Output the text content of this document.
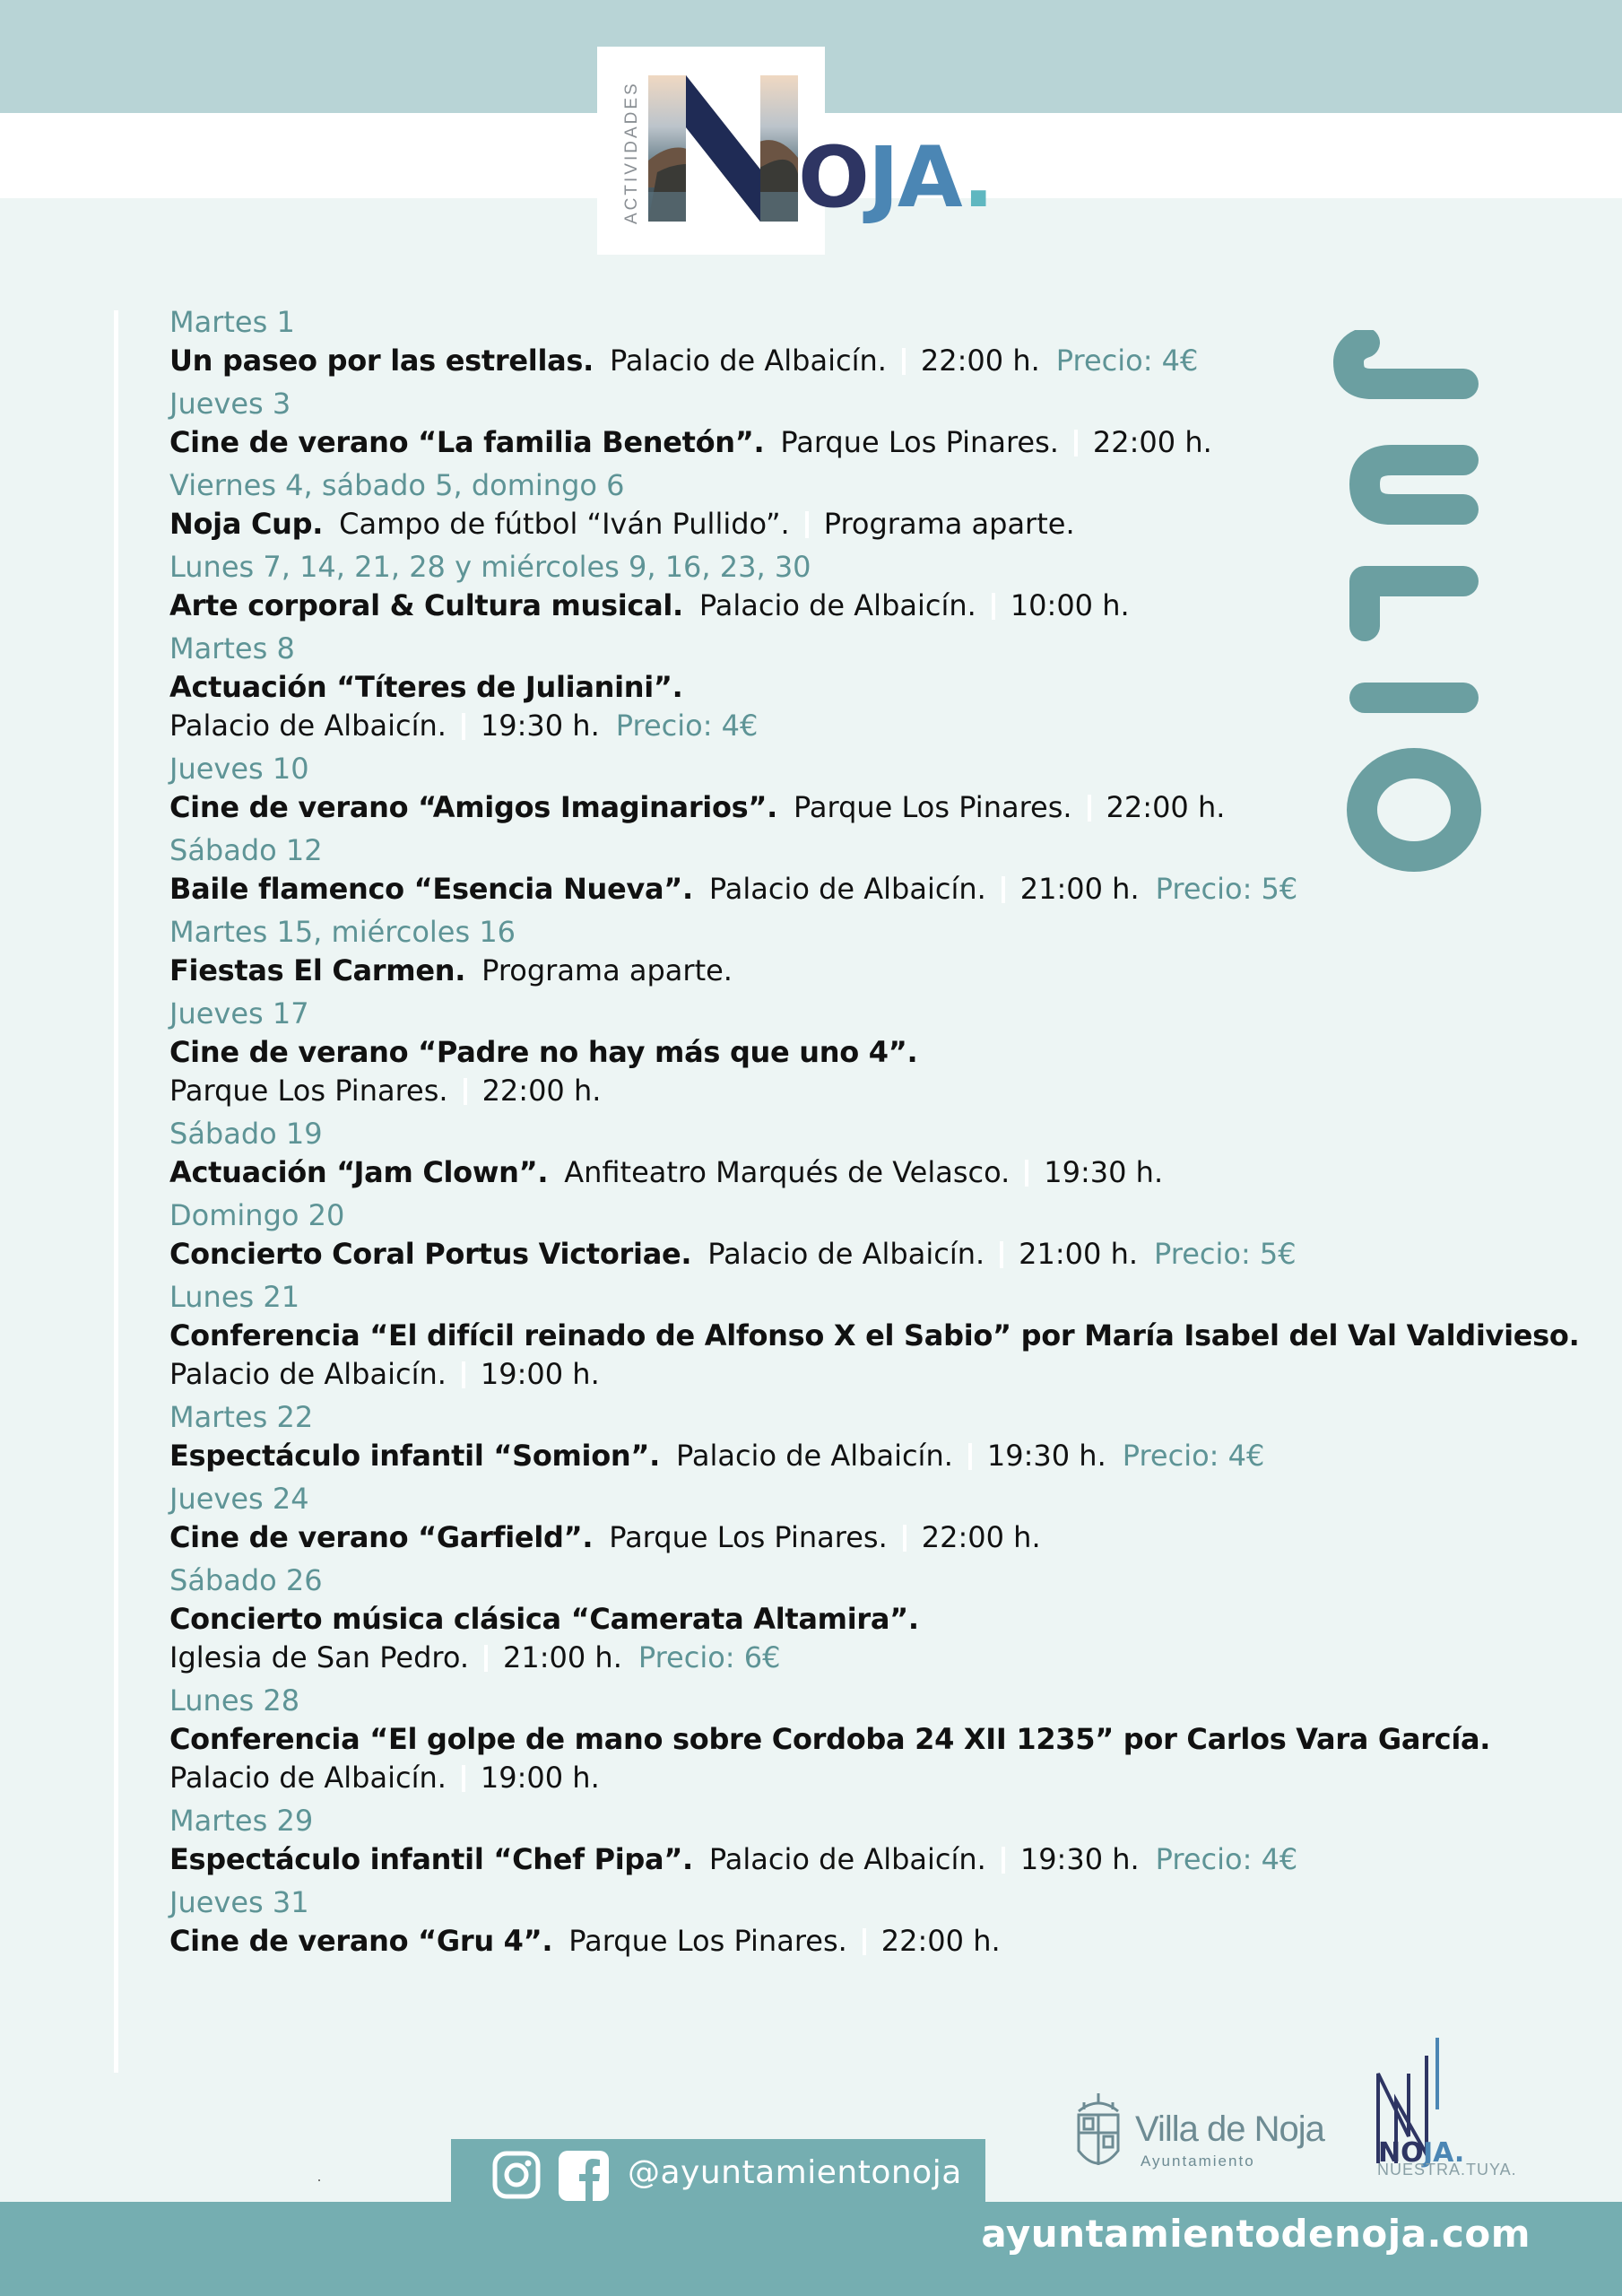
ACTIVIDADES OJA.
Martes 1
Un paseo por las estrellas. Palacio de Albaicín. 22:00 h. Precio: 4€
Jueves 3
Cine de verano “La familia Benetón”. Parque Los Pinares. 22:00 h.
Viernes 4, sábado 5, domingo 6
Noja Cup. Campo de fútbol “Iván Pullido”. Programa aparte.
Lunes 7, 14, 21, 28 y miércoles 9, 16, 23, 30
Arte corporal & Cultura musical. Palacio de Albaicín. 10:00 h.
Martes 8
Actuación “Títeres de Julianini”.
Palacio de Albaicín. 19:30 h. Precio: 4€
Jueves 10
Cine de verano “Amigos Imaginarios”. Parque Los Pinares. 22:00 h.
Sábado 12
Baile flamenco “Esencia Nueva”. Palacio de Albaicín. 21:00 h. Precio: 5€
Martes 15, miércoles 16
Fiestas El Carmen. Programa aparte.
Jueves 17
Cine de verano “Padre no hay más que uno 4”.
Parque Los Pinares. 22:00 h.
Sábado 19
Actuación “Jam Clown”. Anfiteatro Marqués de Velasco. 19:30 h.
Domingo 20
Concierto Coral Portus Victoriae. Palacio de Albaicín. 21:00 h. Precio: 5€
Lunes 21
Conferencia “El difícil reinado de Alfonso X el Sabio” por María Isabel del Val Valdivieso.
Palacio de Albaicín. 19:00 h.
Martes 22
Espectáculo infantil “Somion”. Palacio de Albaicín. 19:30 h. Precio: 4€
Jueves 24
Cine de verano “Garfield”. Parque Los Pinares. 22:00 h.
Sábado 26
Concierto música clásica “Camerata Altamira”.
Iglesia de San Pedro. 21:00 h. Precio: 6€
Lunes 28
Conferencia “El golpe de mano sobre Cordoba 24 XII 1235” por Carlos Vara García.
Palacio de Albaicín. 19:00 h.
Martes 29
Espectáculo infantil “Chef Pipa”. Palacio de Albaicín. 19:30 h. Precio: 4€
Jueves 31
Cine de verano “Gru 4”. Parque Los Pinares. 22:00 h.
@ayuntamientonoja
Villa de Noja
Ayuntamiento	NO JA.
NUESTRA.TUYA.
ayuntamientodenoja.com
